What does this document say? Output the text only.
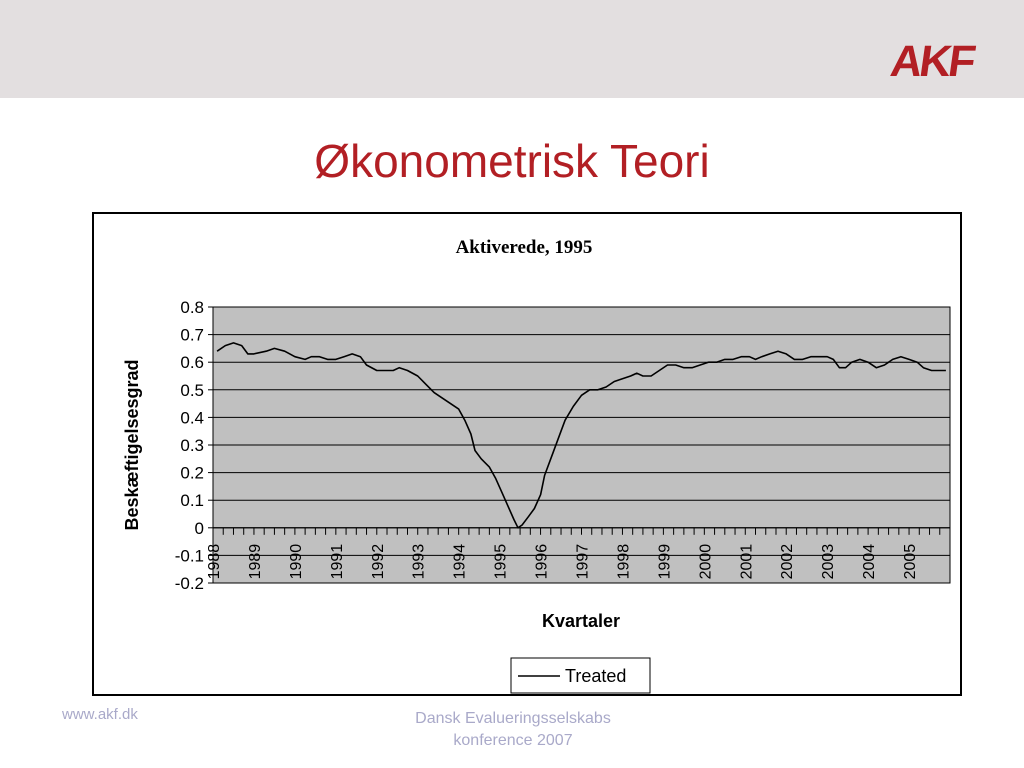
AKF
Økonometrisk Teori
Aktiverede, 1995
0.8
0.7
0.6
0.5
0.4
0.3
0.2
0.1
0
-0.1
-0.2
1988 1989 1990 1991 1992 1993 1994 1995 1996 1997 1998 1999 2000 2001 2002 2003 2004 2005
Beskæftigelsesgrad
Kvartaler
Treated
www.akf.dk	Dansk Evalueringsselskabs
konference 2007
